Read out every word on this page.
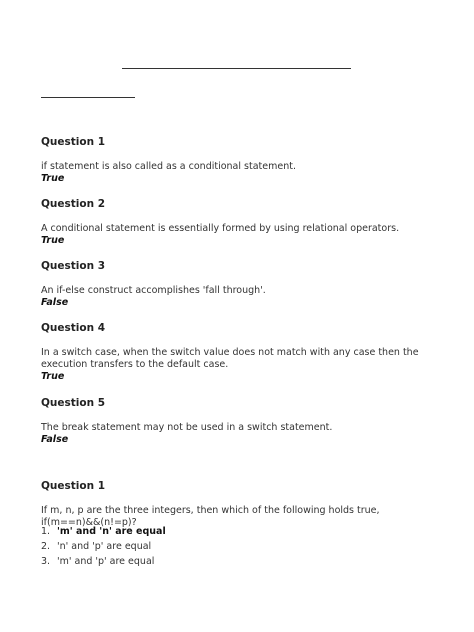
Question 1

if statement is also called as a conditional statement.

True

Question 2

A conditional statement is essentially formed by using relational operators.

True

Question 3

An if-else construct accomplishes 'fall through'.

False

Question 4

In a switch case, when the switch value does not match with any case then the execution transfers to the default case.

True

Question 5

The break statement may not be used in a switch statement.

False

Question 1

If m, n, p are the three integers, then which of the following holds true, if(m==n)&&(n!=p)?

1. 'm' and 'n' are equal
2. 'n' and 'p' are equal
3. 'm' and 'p' are equal
